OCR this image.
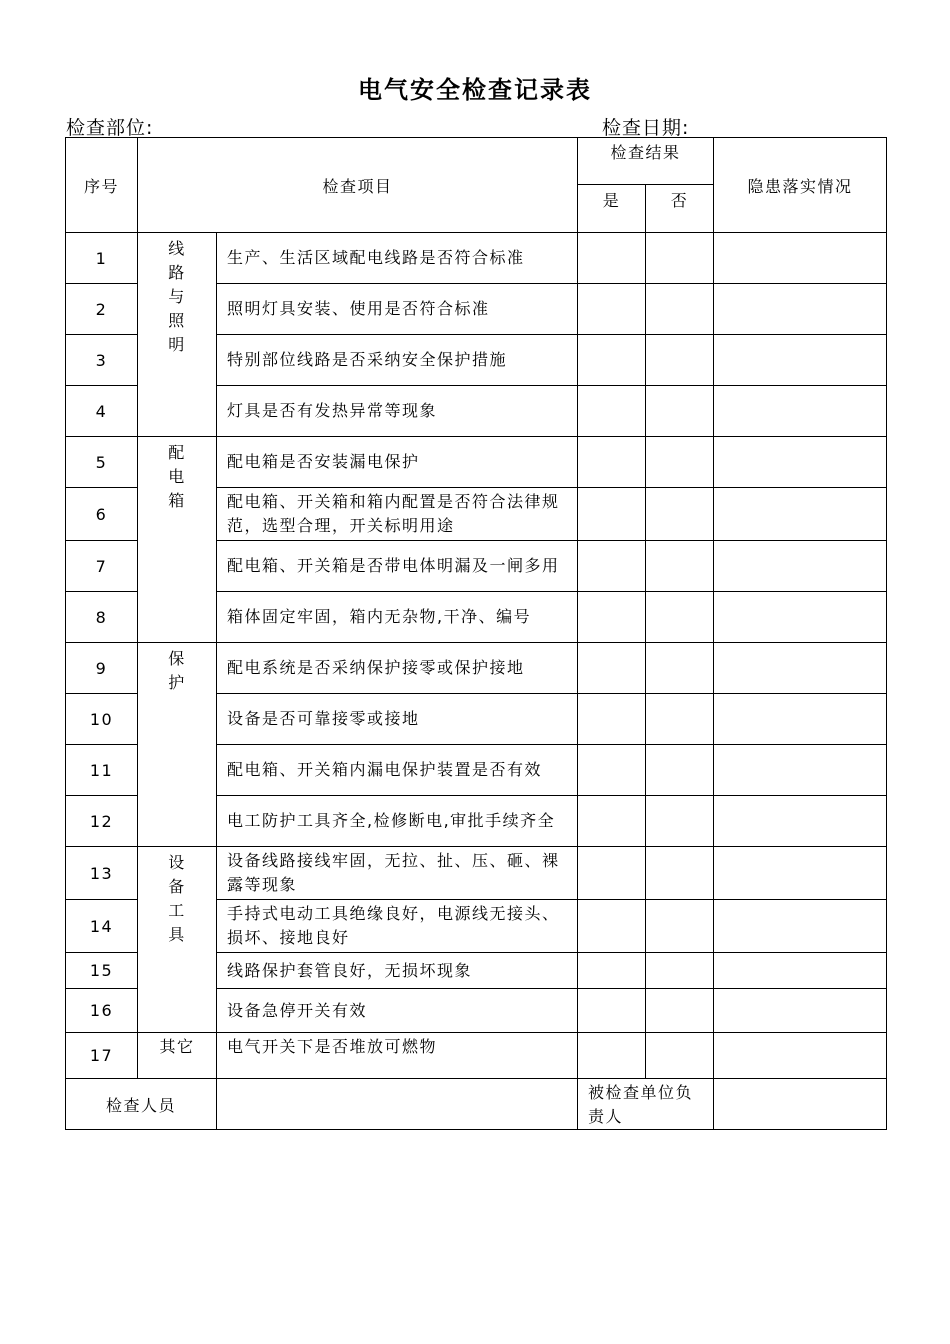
电气安全检查记录表
检查部位:	检查日期:
序号	检查项目		检查结果		隐患落实情况
			是	否	
1	线
路
与
照
明	生产、生活区域配电线路是否符合标准			
2		照明灯具安装、使用是否符合标准			
3		特别部位线路是否采纳安全保护措施			
4		灯具是否有发热异常等现象			
5	配
电
箱	配电箱是否安装漏电保护			
6		配电箱、开关箱和箱内配置是否符合法律规范，选型合理，开关标明用途			
7		配电箱、开关箱是否带电体明漏及一闸多用			
8		箱体固定牢固，箱内无杂物,干净、编号			
9	保
护	配电系统是否采纳保护接零或保护接地			
10		设备是否可靠接零或接地			
11		配电箱、开关箱内漏电保护装置是否有效			
12		电工防护工具齐全,检修断电,审批手续齐全			
13	设
备
工
具	设备线路接线牢固，无拉、扯、压、砸、裸露等现象			
14		手持式电动工具绝缘良好，电源线无接头、损坏、接地良好			
15		线路保护套管良好，无损坏现象			
16		设备急停开关有效			
17	其它	电气开关下是否堆放可燃物			
检查人员			被检查单位负责人		
